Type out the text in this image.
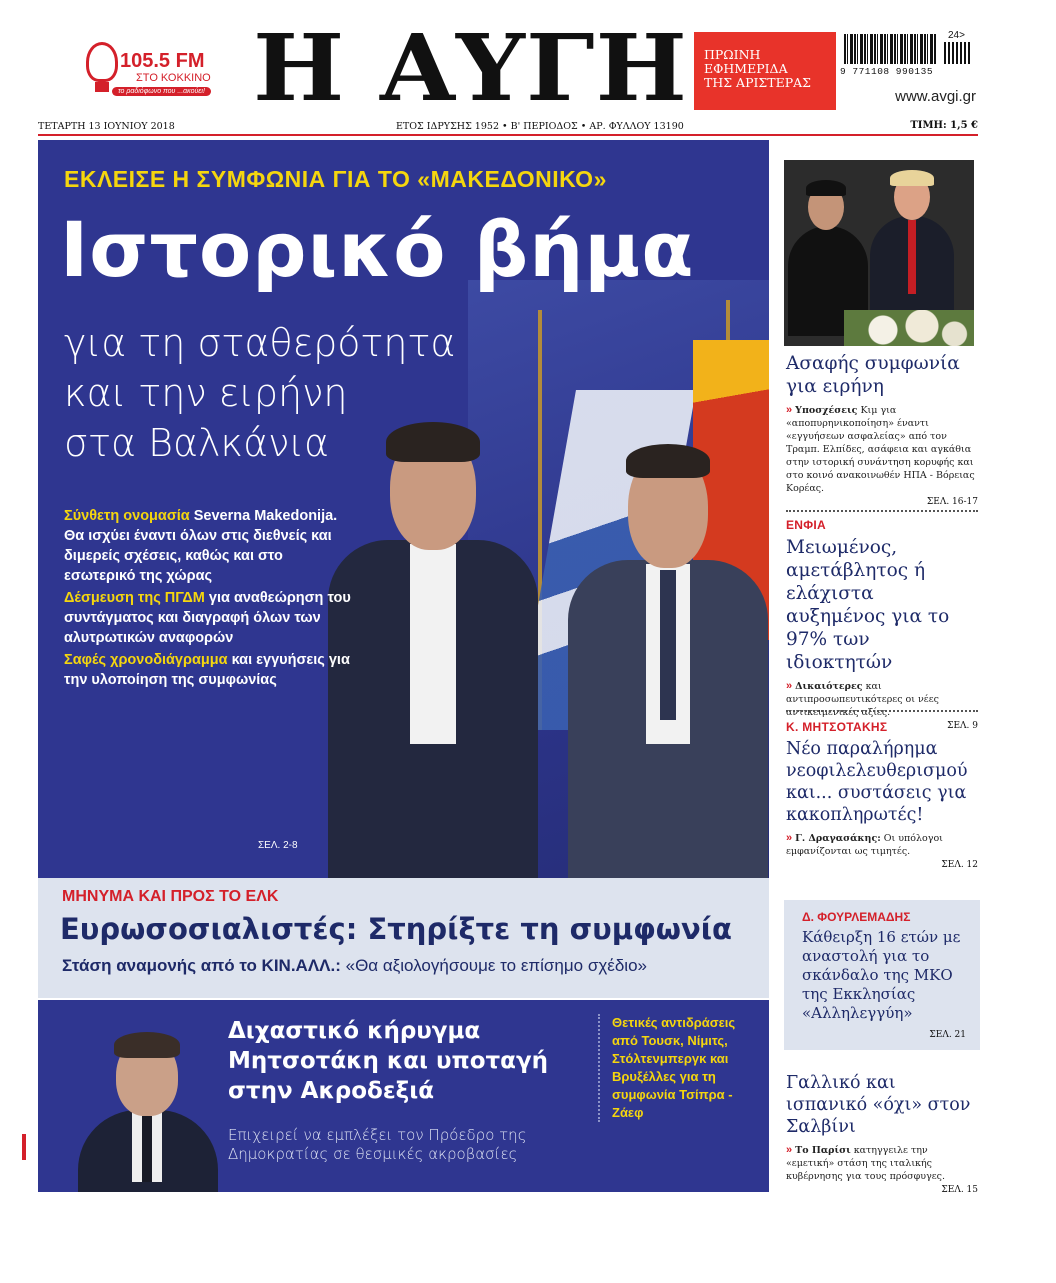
105.5 FM
ΣΤΟ ΚΟΚΚΙΝΟ
το ραδιόφωνο που ...ακούει! Η ΑΥΓΗ	ΠΡΩΙΝΗ
ΕΦΗΜΕΡΙΔΑ
ΤΗΣ ΑΡΙΣΤΕΡΑΣ
24>
9 771108 990135
www.avgi.gr
ΤΕΤΑΡΤΗ 13 ΙΟΥΝΙΟΥ 2018	ΕΤΟΣ ΙΔΡΥΣΗΣ 1952 • Β' ΠΕΡΙΟΔΟΣ • ΑΡ. ΦΥΛΛΟΥ 13190	ΤΙΜΗ: 1,5 €
ΕΚΛΕΙΣΕ Η ΣΥΜΦΩΝΙΑ ΓΙΑ ΤΟ «ΜΑΚΕΔΟΝΙΚΟ»
Ιστορικό βήμα
για τη σταθερότητα
και την ειρήνη
στα Βαλκάνια

Σύνθετη ονομασία Severna Makedonija. Θα ισχύει έναντι όλων στις διεθνείς και διμερείς σχέσεις, καθώς και στο εσωτερικό της χώρας

Δέσμευση της ΠΓΔΜ για αναθεώρηση του συντάγματος και διαγραφή όλων των αλυτρωτικών αναφορών

Σαφές χρονοδιάγραμμα και εγγυήσεις για την υλοποίηση της συμφωνίας

ΣΕΛ. 2-8
ΜΗΝΥΜΑ ΚΑΙ ΠΡΟΣ ΤΟ ΕΛΚ
Ευρωσοσιαλιστές: Στηρίξτε τη συμφωνία
Στάση αναμονής από το ΚΙΝ.ΑΛΛ.: «Θα αξιολογήσουμε το επίσημο σχέδιο»
Διχαστικό κήρυγμα Μητσοτάκη και υποταγή στην Ακροδεξιά
Επιχειρεί να εμπλέξει τον Πρόεδρο της Δημοκρατίας σε θεσμικές ακροβασίες
Θετικές αντιδράσεις από Τουσκ, Νίμιτς, Στόλτενμπεργκ και Βρυξέλλες για τη συμφωνία Τσίπρα - Ζάεφ
Ασαφής συμφωνία για ειρήνη
» Υποσχέσεις Κιμ για «αποπυρηνικοποίηση» έναντι «εγγυήσεων ασφαλείας» από τον Τραμπ. Ελπίδες, ασάφεια και αγκάθια στην ιστορική συνάντηση κορυφής και στο κοινό ανακοινωθέν ΗΠΑ - Βόρειας Κορέας.
ΣΕΛ. 16-17
ΕΝΦΙΑ
Μειωμένος, αμετάβλητος ή ελάχιστα αυξημένος για το 97% των ιδιοκτητών
» Δικαιότερες και αντιπροσωπευτικότερες οι νέες αντικειμενικές αξίες.
ΣΕΛ. 9
Κ. ΜΗΤΣΟΤΑΚΗΣ
Νέο παραλήρημα νεοφιλελευθερισμού και... συστάσεις για κακοπληρωτές!
» Γ. Δραγασάκης: Οι υπόλογοι εμφανίζονται ως τιμητές.
ΣΕΛ. 12
Δ. ΦΟΥΡΛΕΜΑΔΗΣ
Κάθειρξη 16 ετών με αναστολή για το σκάνδαλο της ΜΚΟ της Εκκλησίας «Αλληλεγγύη»
ΣΕΛ. 21
Γαλλικό και ισπανικό «όχι» στον Σαλβίνι
» Το Παρίσι κατηγγειλε την «εμετική» στάση της ιταλικής κυβέρνησης για τους πρόσφυγες.
ΣΕΛ. 15
